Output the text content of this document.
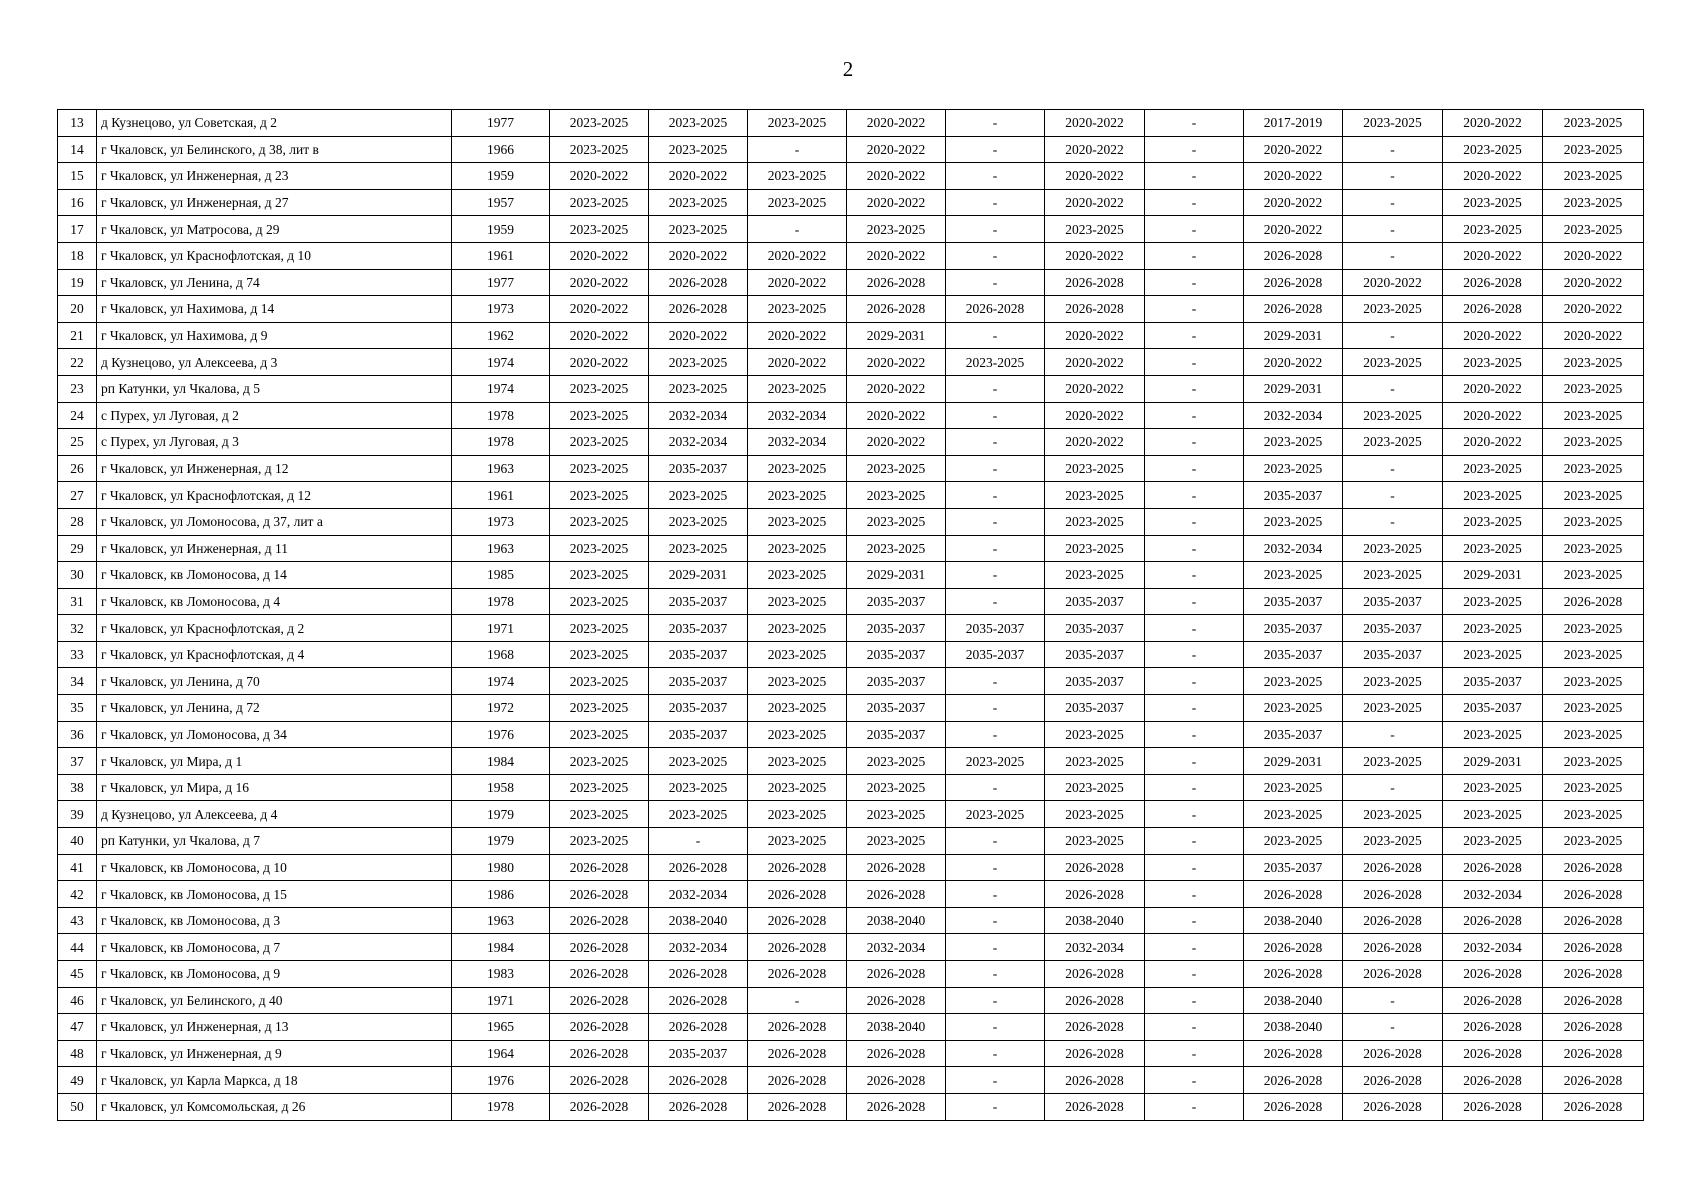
2
13	д Кузнецово, ул Советская, д 2	1977	2023-2025	2023-2025	2023-2025	2020-2022	-	2020-2022	-	2017-2019	2023-2025	2020-2022	2023-2025
14	г Чкаловск, ул Белинского, д 38, лит в	1966	2023-2025	2023-2025	-	2020-2022	-	2020-2022	-	2020-2022	-	2023-2025	2023-2025
15	г Чкаловск, ул Инженерная, д 23	1959	2020-2022	2020-2022	2023-2025	2020-2022	-	2020-2022	-	2020-2022	-	2020-2022	2023-2025
16	г Чкаловск, ул Инженерная, д 27	1957	2023-2025	2023-2025	2023-2025	2020-2022	-	2020-2022	-	2020-2022	-	2023-2025	2023-2025
17	г Чкаловск, ул Матросова, д 29	1959	2023-2025	2023-2025	-	2023-2025	-	2023-2025	-	2020-2022	-	2023-2025	2023-2025
18	г Чкаловск, ул Краснофлотская, д 10	1961	2020-2022	2020-2022	2020-2022	2020-2022	-	2020-2022	-	2026-2028	-	2020-2022	2020-2022
19	г Чкаловск, ул Ленина, д 74	1977	2020-2022	2026-2028	2020-2022	2026-2028	-	2026-2028	-	2026-2028	2020-2022	2026-2028	2020-2022
20	г Чкаловск, ул Нахимова, д 14	1973	2020-2022	2026-2028	2023-2025	2026-2028	2026-2028	2026-2028	-	2026-2028	2023-2025	2026-2028	2020-2022
21	г Чкаловск, ул Нахимова, д 9	1962	2020-2022	2020-2022	2020-2022	2029-2031	-	2020-2022	-	2029-2031	-	2020-2022	2020-2022
22	д Кузнецово, ул Алексеева, д 3	1974	2020-2022	2023-2025	2020-2022	2020-2022	2023-2025	2020-2022	-	2020-2022	2023-2025	2023-2025	2023-2025
23	рп Катунки, ул Чкалова, д 5	1974	2023-2025	2023-2025	2023-2025	2020-2022	-	2020-2022	-	2029-2031	-	2020-2022	2023-2025
24	с Пурех, ул Луговая, д 2	1978	2023-2025	2032-2034	2032-2034	2020-2022	-	2020-2022	-	2032-2034	2023-2025	2020-2022	2023-2025
25	с Пурех, ул Луговая, д 3	1978	2023-2025	2032-2034	2032-2034	2020-2022	-	2020-2022	-	2023-2025	2023-2025	2020-2022	2023-2025
26	г Чкаловск, ул Инженерная, д 12	1963	2023-2025	2035-2037	2023-2025	2023-2025	-	2023-2025	-	2023-2025	-	2023-2025	2023-2025
27	г Чкаловск, ул Краснофлотская, д 12	1961	2023-2025	2023-2025	2023-2025	2023-2025	-	2023-2025	-	2035-2037	-	2023-2025	2023-2025
28	г Чкаловск, ул Ломоносова, д 37, лит а	1973	2023-2025	2023-2025	2023-2025	2023-2025	-	2023-2025	-	2023-2025	-	2023-2025	2023-2025
29	г Чкаловск, ул Инженерная, д 11	1963	2023-2025	2023-2025	2023-2025	2023-2025	-	2023-2025	-	2032-2034	2023-2025	2023-2025	2023-2025
30	г Чкаловск, кв Ломоносова, д 14	1985	2023-2025	2029-2031	2023-2025	2029-2031	-	2023-2025	-	2023-2025	2023-2025	2029-2031	2023-2025
31	г Чкаловск, кв Ломоносова, д 4	1978	2023-2025	2035-2037	2023-2025	2035-2037	-	2035-2037	-	2035-2037	2035-2037	2023-2025	2026-2028
32	г Чкаловск, ул Краснофлотская, д 2	1971	2023-2025	2035-2037	2023-2025	2035-2037	2035-2037	2035-2037	-	2035-2037	2035-2037	2023-2025	2023-2025
33	г Чкаловск, ул Краснофлотская, д 4	1968	2023-2025	2035-2037	2023-2025	2035-2037	2035-2037	2035-2037	-	2035-2037	2035-2037	2023-2025	2023-2025
34	г Чкаловск, ул Ленина, д 70	1974	2023-2025	2035-2037	2023-2025	2035-2037	-	2035-2037	-	2023-2025	2023-2025	2035-2037	2023-2025
35	г Чкаловск, ул Ленина, д 72	1972	2023-2025	2035-2037	2023-2025	2035-2037	-	2035-2037	-	2023-2025	2023-2025	2035-2037	2023-2025
36	г Чкаловск, ул Ломоносова, д 34	1976	2023-2025	2035-2037	2023-2025	2035-2037	-	2023-2025	-	2035-2037	-	2023-2025	2023-2025
37	г Чкаловск, ул Мира, д 1	1984	2023-2025	2023-2025	2023-2025	2023-2025	2023-2025	2023-2025	-	2029-2031	2023-2025	2029-2031	2023-2025
38	г Чкаловск, ул Мира, д 16	1958	2023-2025	2023-2025	2023-2025	2023-2025	-	2023-2025	-	2023-2025	-	2023-2025	2023-2025
39	д Кузнецово, ул Алексеева, д 4	1979	2023-2025	2023-2025	2023-2025	2023-2025	2023-2025	2023-2025	-	2023-2025	2023-2025	2023-2025	2023-2025
40	рп Катунки, ул Чкалова, д 7	1979	2023-2025	-	2023-2025	2023-2025	-	2023-2025	-	2023-2025	2023-2025	2023-2025	2023-2025
41	г Чкаловск, кв Ломоносова, д 10	1980	2026-2028	2026-2028	2026-2028	2026-2028	-	2026-2028	-	2035-2037	2026-2028	2026-2028	2026-2028
42	г Чкаловск, кв Ломоносова, д 15	1986	2026-2028	2032-2034	2026-2028	2026-2028	-	2026-2028	-	2026-2028	2026-2028	2032-2034	2026-2028
43	г Чкаловск, кв Ломоносова, д 3	1963	2026-2028	2038-2040	2026-2028	2038-2040	-	2038-2040	-	2038-2040	2026-2028	2026-2028	2026-2028
44	г Чкаловск, кв Ломоносова, д 7	1984	2026-2028	2032-2034	2026-2028	2032-2034	-	2032-2034	-	2026-2028	2026-2028	2032-2034	2026-2028
45	г Чкаловск, кв Ломоносова, д 9	1983	2026-2028	2026-2028	2026-2028	2026-2028	-	2026-2028	-	2026-2028	2026-2028	2026-2028	2026-2028
46	г Чкаловск, ул Белинского, д 40	1971	2026-2028	2026-2028	-	2026-2028	-	2026-2028	-	2038-2040	-	2026-2028	2026-2028
47	г Чкаловск, ул Инженерная, д 13	1965	2026-2028	2026-2028	2026-2028	2038-2040	-	2026-2028	-	2038-2040	-	2026-2028	2026-2028
48	г Чкаловск, ул Инженерная, д 9	1964	2026-2028	2035-2037	2026-2028	2026-2028	-	2026-2028	-	2026-2028	2026-2028	2026-2028	2026-2028
49	г Чкаловск, ул Карла Маркса, д 18	1976	2026-2028	2026-2028	2026-2028	2026-2028	-	2026-2028	-	2026-2028	2026-2028	2026-2028	2026-2028
50	г Чкаловск, ул Комсомольская, д 26	1978	2026-2028	2026-2028	2026-2028	2026-2028	-	2026-2028	-	2026-2028	2026-2028	2026-2028	2026-2028
